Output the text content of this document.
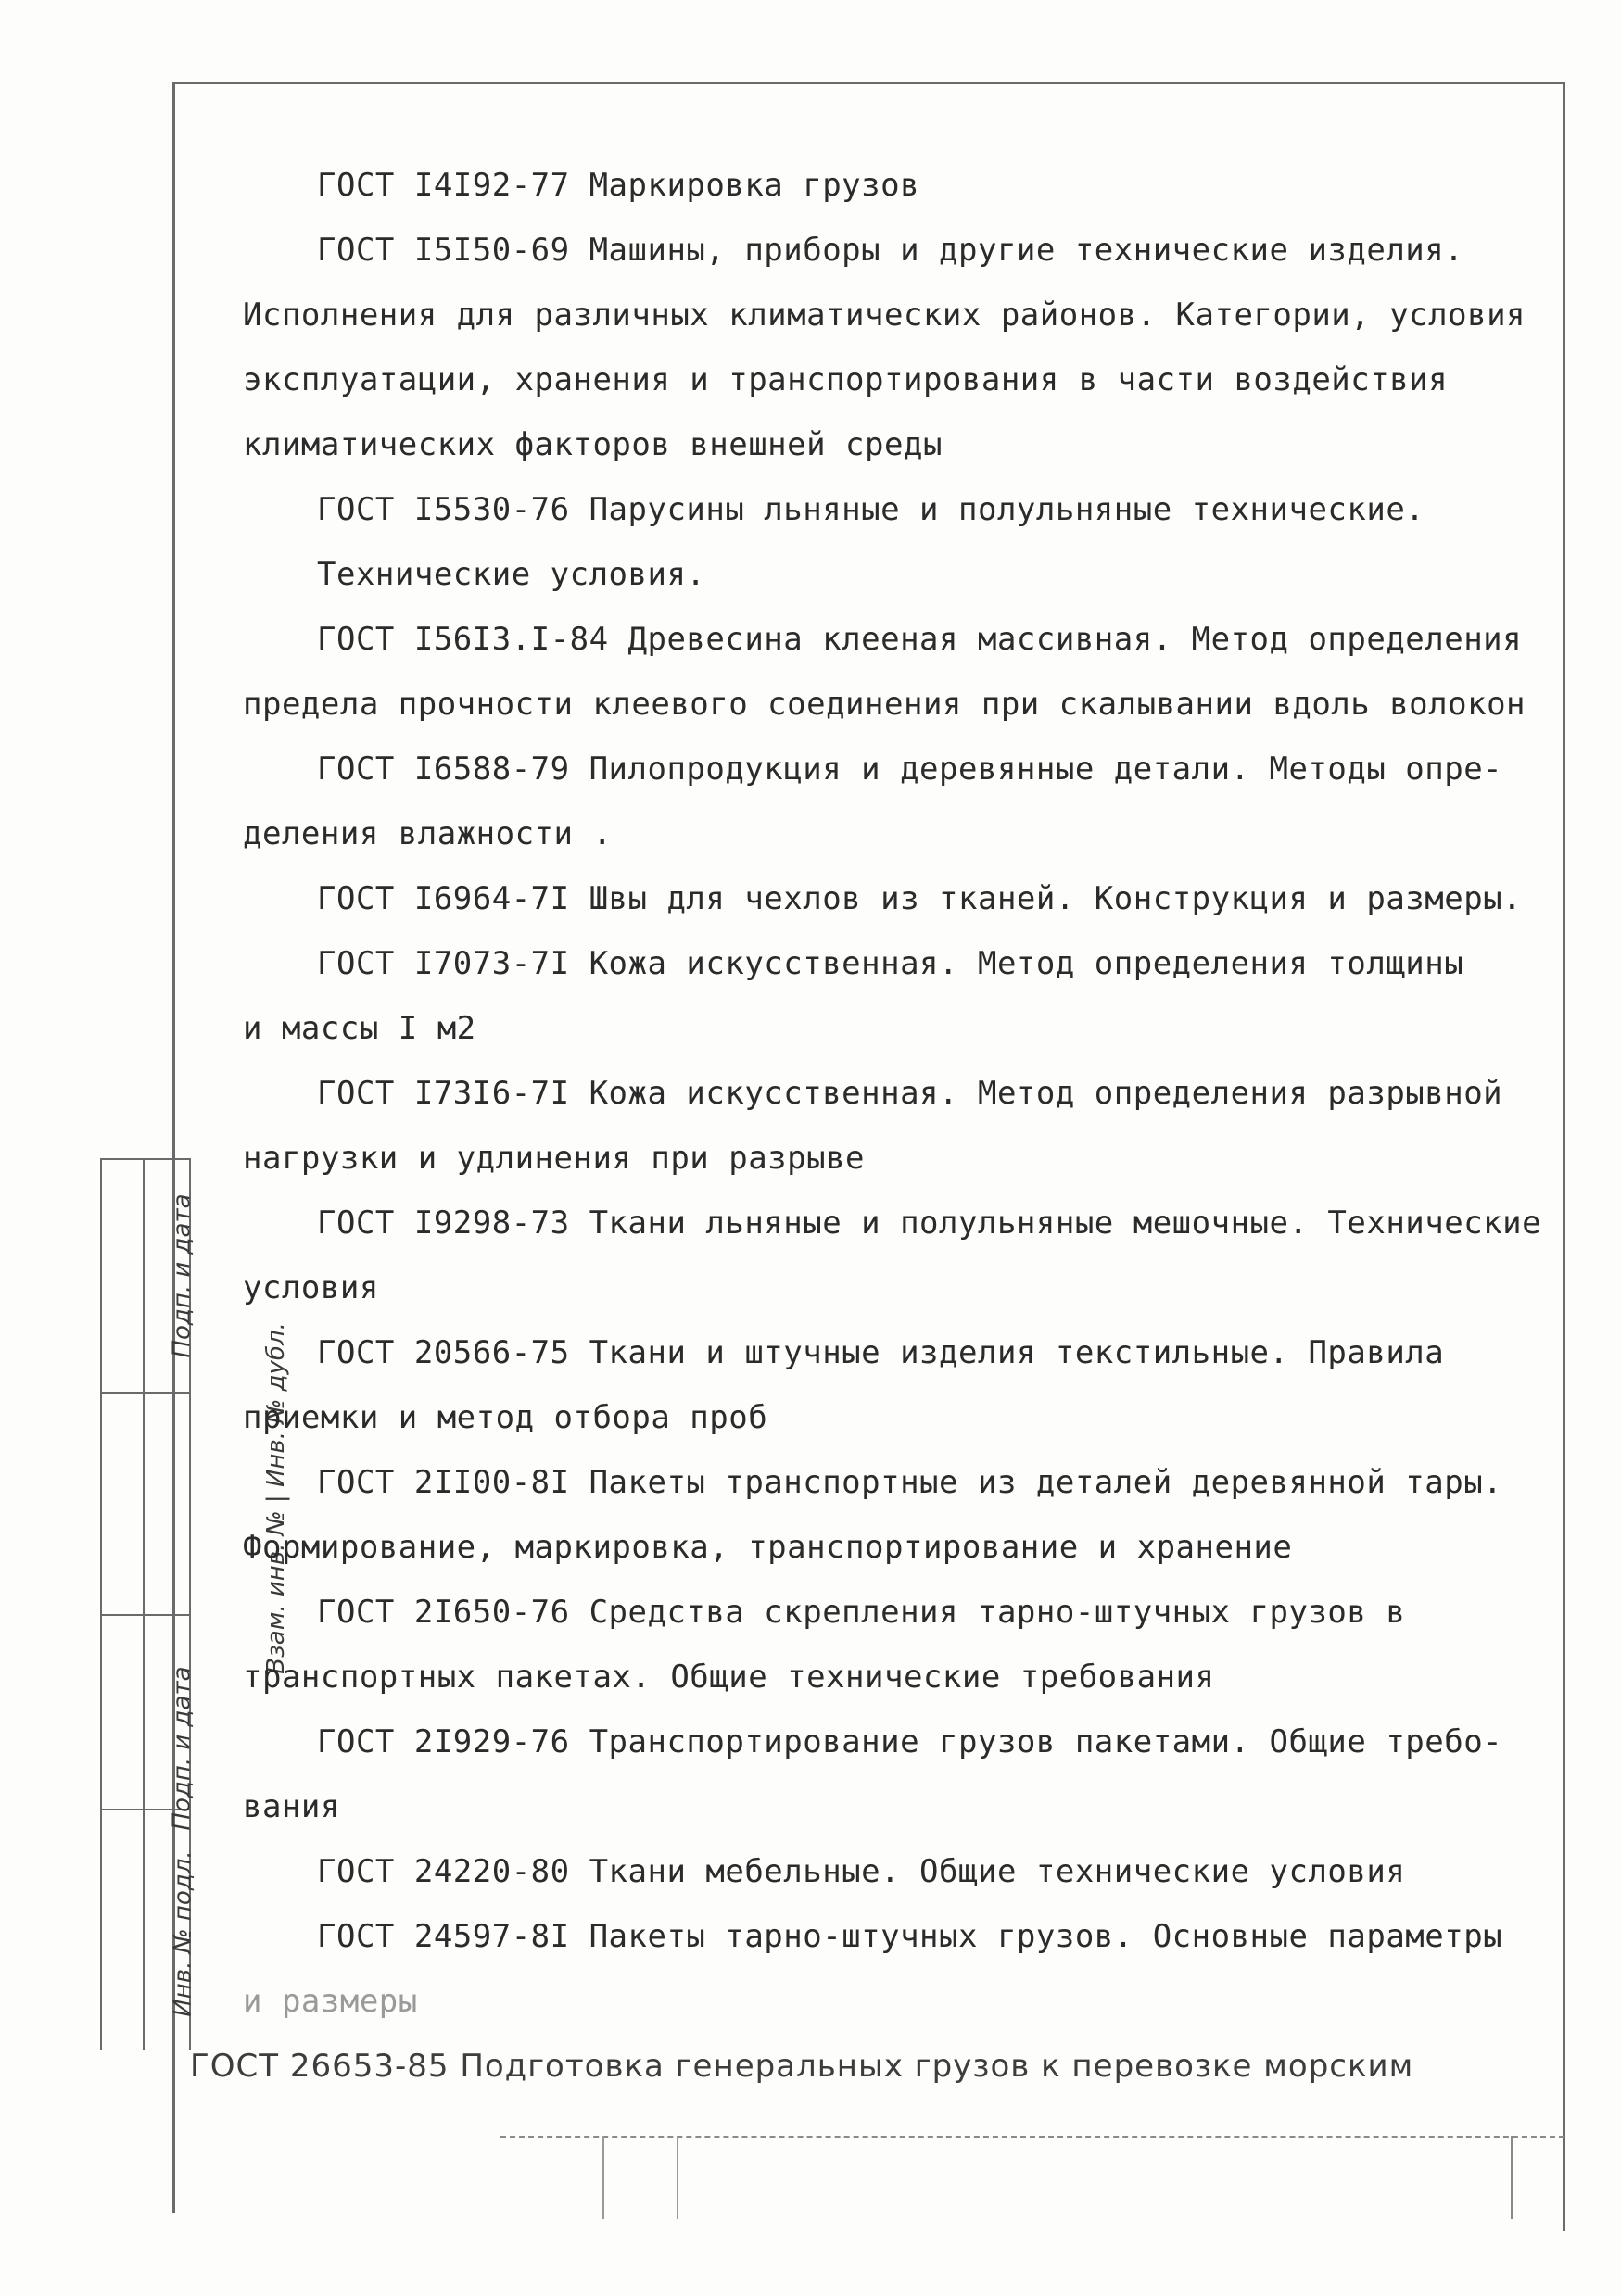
Инв. № подл.
Подп. и дата
Взам. инв. № | Инв. № дубл.
Подп. и дата
ГОСТ I4I92-77 Маркировка грузов
ГОСТ I5I50-69 Машины, приборы и другие технические изделия.
Исполнения для различных климатических районов. Категории, условия
эксплуатации, хранения и транспортирования в части воздействия
климатических факторов внешней среды
ГОСТ I5530-76 Парусины льняные и полульняные технические.
Технические условия.
ГОСТ I56I3.I-84 Древесина клееная массивная. Метод определения
предела прочности клеевого соединения при скалывании вдоль волокон
ГОСТ I6588-79 Пилопродукция и деревянные детали. Методы опре-
деления влажности .
ГОСТ I6964-7I Швы для чехлов из тканей. Конструкция и размеры.
ГОСТ I7073-7I Кожа искусственная. Метод определения толщины
и массы I м2
ГОСТ I73I6-7I Кожа искусственная. Метод определения разрывной
нагрузки и удлинения при разрыве
ГОСТ I9298-73 Ткани льняные и полульняные мешочные. Технические
условия
ГОСТ 20566-75 Ткани и штучные изделия текстильные. Правила
приемки и метод отбора проб
ГОСТ 2II00-8I Пакеты транспортные из деталей деревянной тары.
Формирование, маркировка, транспортирование и хранение
ГОСТ 2I650-76 Средства скрепления тарно-штучных грузов в
транспортных пакетах. Общие технические требования
ГОСТ 2I929-76 Транспортирование грузов пакетами. Общие требо-
вания
ГОСТ 24220-80 Ткани мебельные. Общие технические условия
ГОСТ 24597-8I Пакеты тарно-штучных грузов. Основные параметры
и размеры
ГОСТ 26653-85 Подготовка генеральных грузов к перевозке морским
